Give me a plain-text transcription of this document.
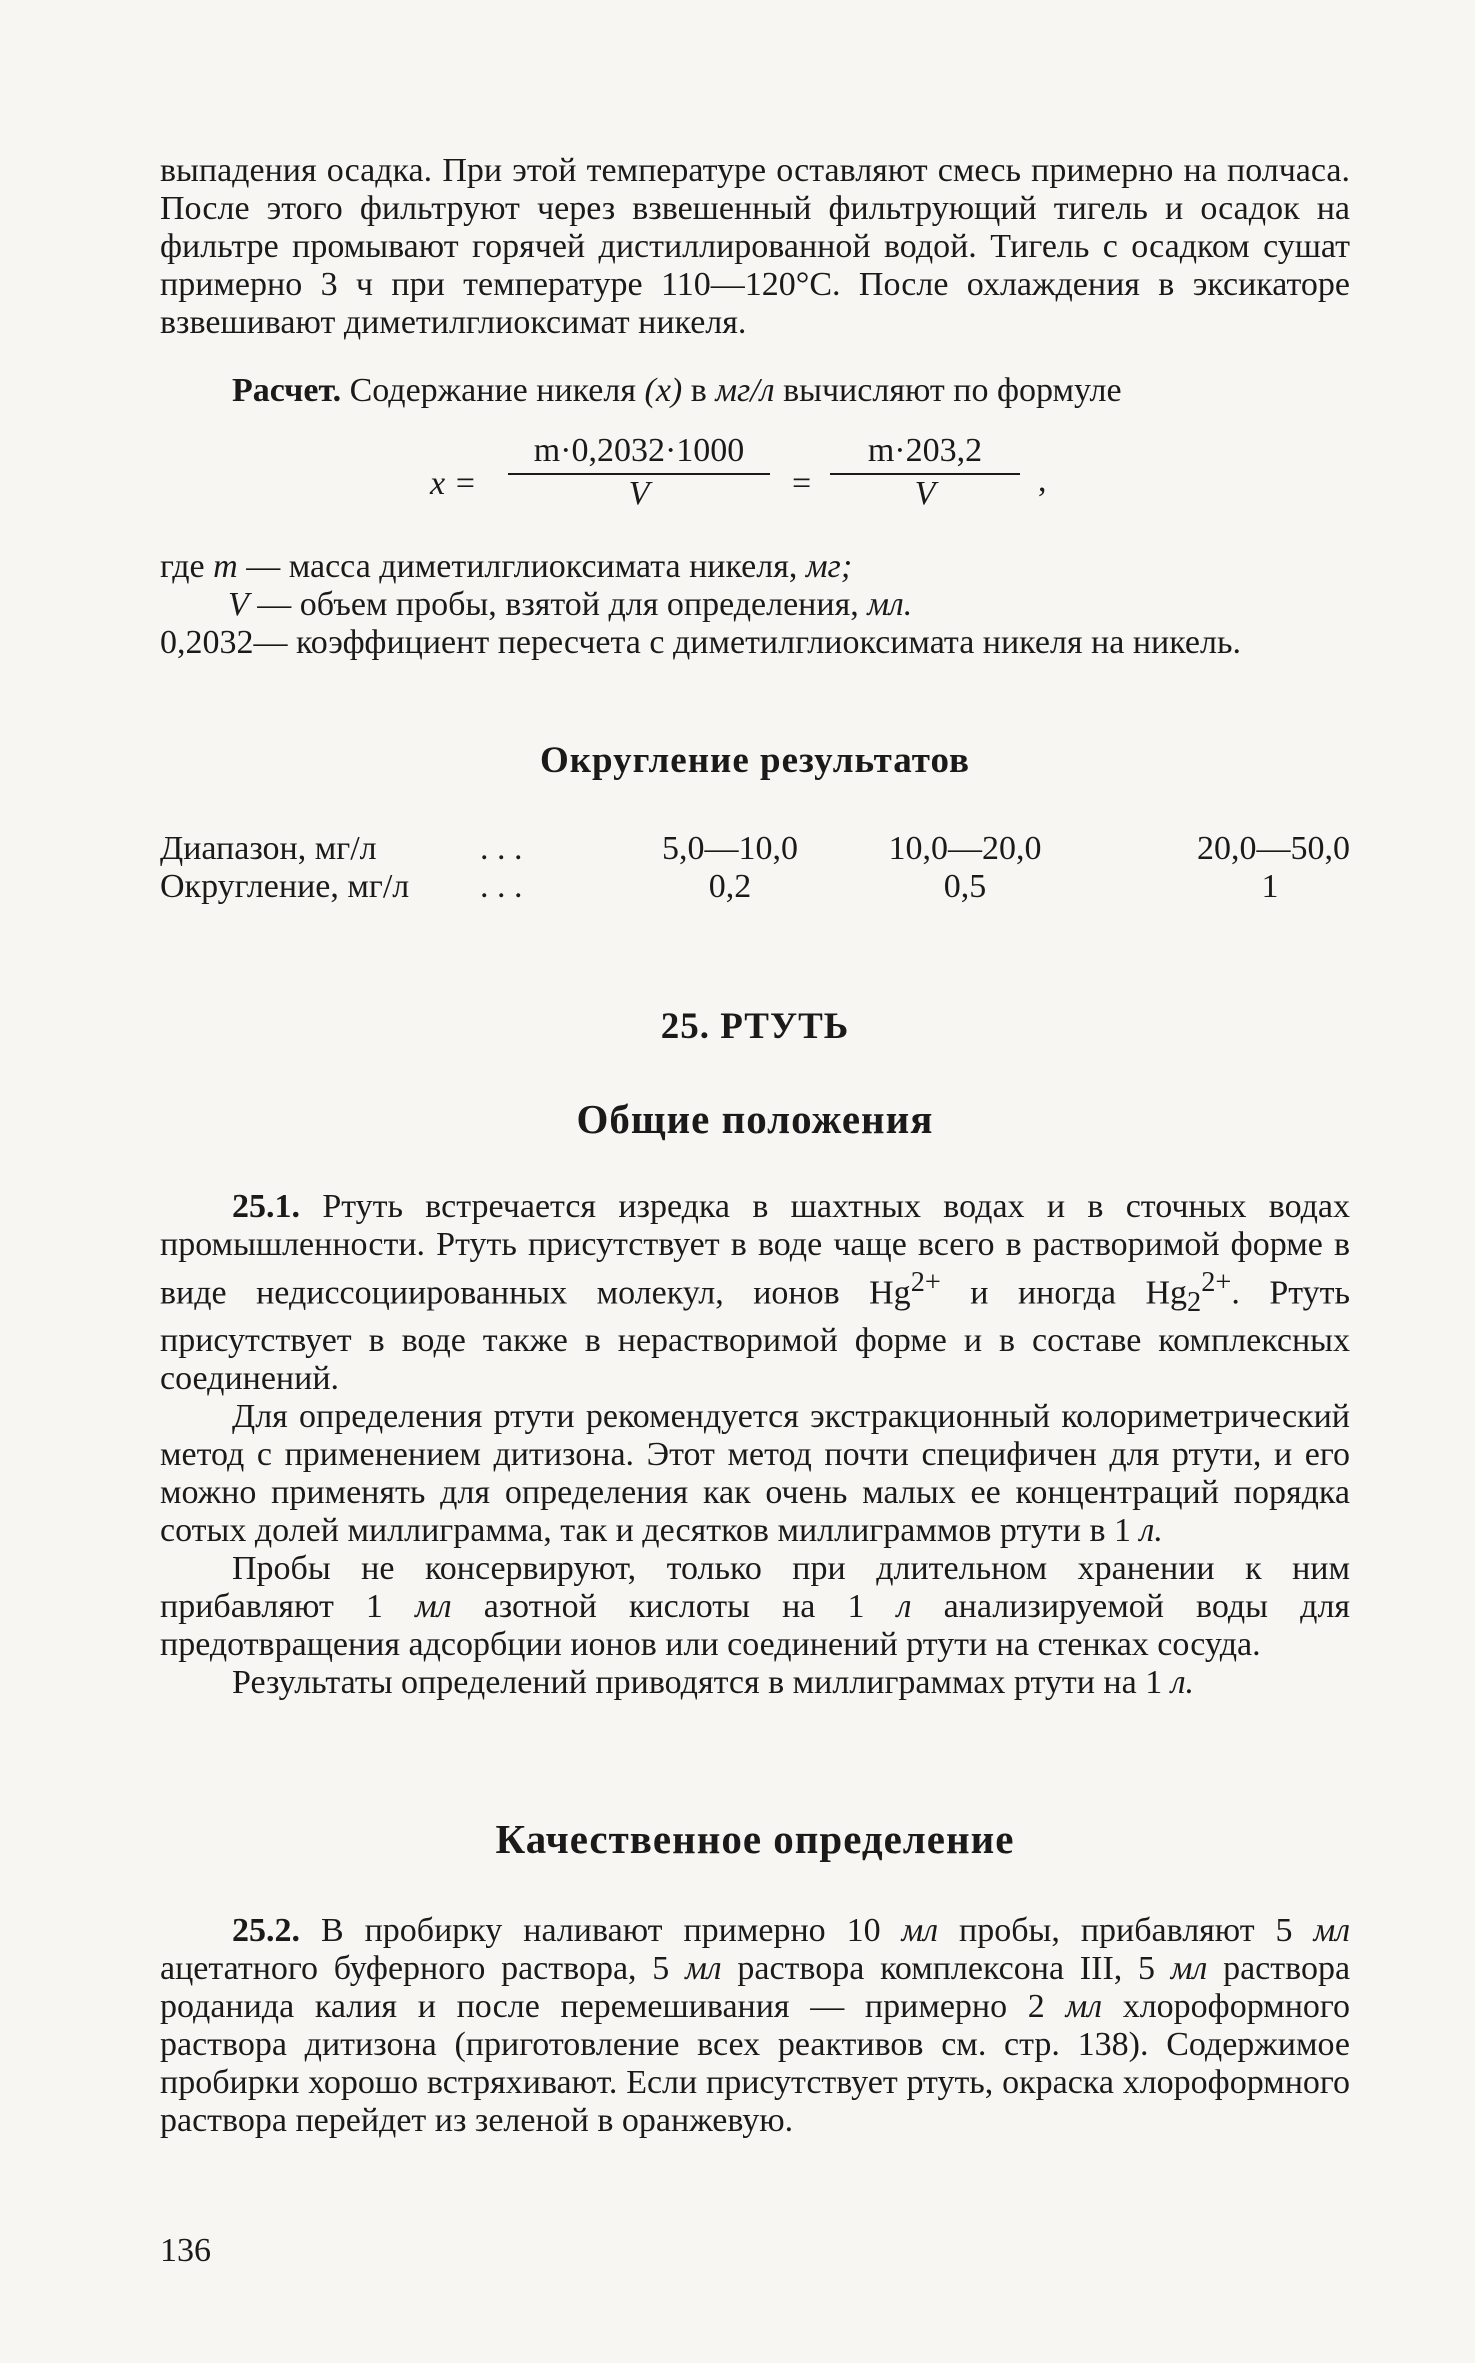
выпадения осадка. При этой температуре оставляют смесь примерно на полчаса. После этого фильтруют через взвешенный фильтрующий тигель и осадок на фильтре промывают горячей дистиллированной водой. Тигель с осадком сушат примерно 3 ч при температуре 110—120°С. После охлаждения в эксикаторе взвешивают диметилглиоксимат никеля.

Расчет. Содержание никеля (x) в мг/л вычисляют по формуле

$x = \frac{m\cdot 0,2032\cdot 1000}{V} = \frac{m\cdot 203,2}{V}$ ,
где m — масса диметилглиоксимата никеля, мг;
V — объем пробы, взятой для определения, мл.
0,2032 — коэффициент пересчета с диметилглиоксимата никеля на никель.
Округление результатов
Диапазон, мг/л	. . .	5,0—10,0	10,0—20,0	20,0—50,0
Округление, мг/л	. . .	0,2	0,5	1
25. РТУТЬ
Общие положения

25.1. Ртуть встречается изредка в шахтных водах и в сточных водах промышленности. Ртуть присутствует в воде чаще всего в растворимой форме в виде недиссоциированных молекул, ионов $Hg^{2+}$ и иногда $Hg_2^{2+}$. Ртуть присутствует в воде также в нерастворимой форме и в составе комплексных соединений.

Для определения ртути рекомендуется экстракционный колориметрический метод с применением дитизона. Этот метод почти специфичен для ртути, и его можно применять для определения как очень малых ее концентраций порядка сотых долей миллиграмма, так и десятков миллиграммов ртути в 1 л.

Пробы не консервируют, только при длительном хранении к ним прибавляют 1 мл азотной кислоты на 1 л анализируемой воды для предотвращения адсорбции ионов или соединений ртути на стенках сосуда.

Результаты определений приводятся в миллиграммах ртути на 1 л.

Качественное определение

25.2. В пробирку наливают примерно 10 мл пробы, прибавляют 5 мл ацетатного буферного раствора, 5 мл раствора комплексона III, 5 мл раствора роданида калия и после перемешивания — примерно 2 мл хлороформного раствора дитизона (приготовление всех реактивов см. стр. 138). Содержимое пробирки хорошо встряхивают. Если присутствует ртуть, окраска хлороформного раствора перейдет из зеленой в оранжевую.

136
